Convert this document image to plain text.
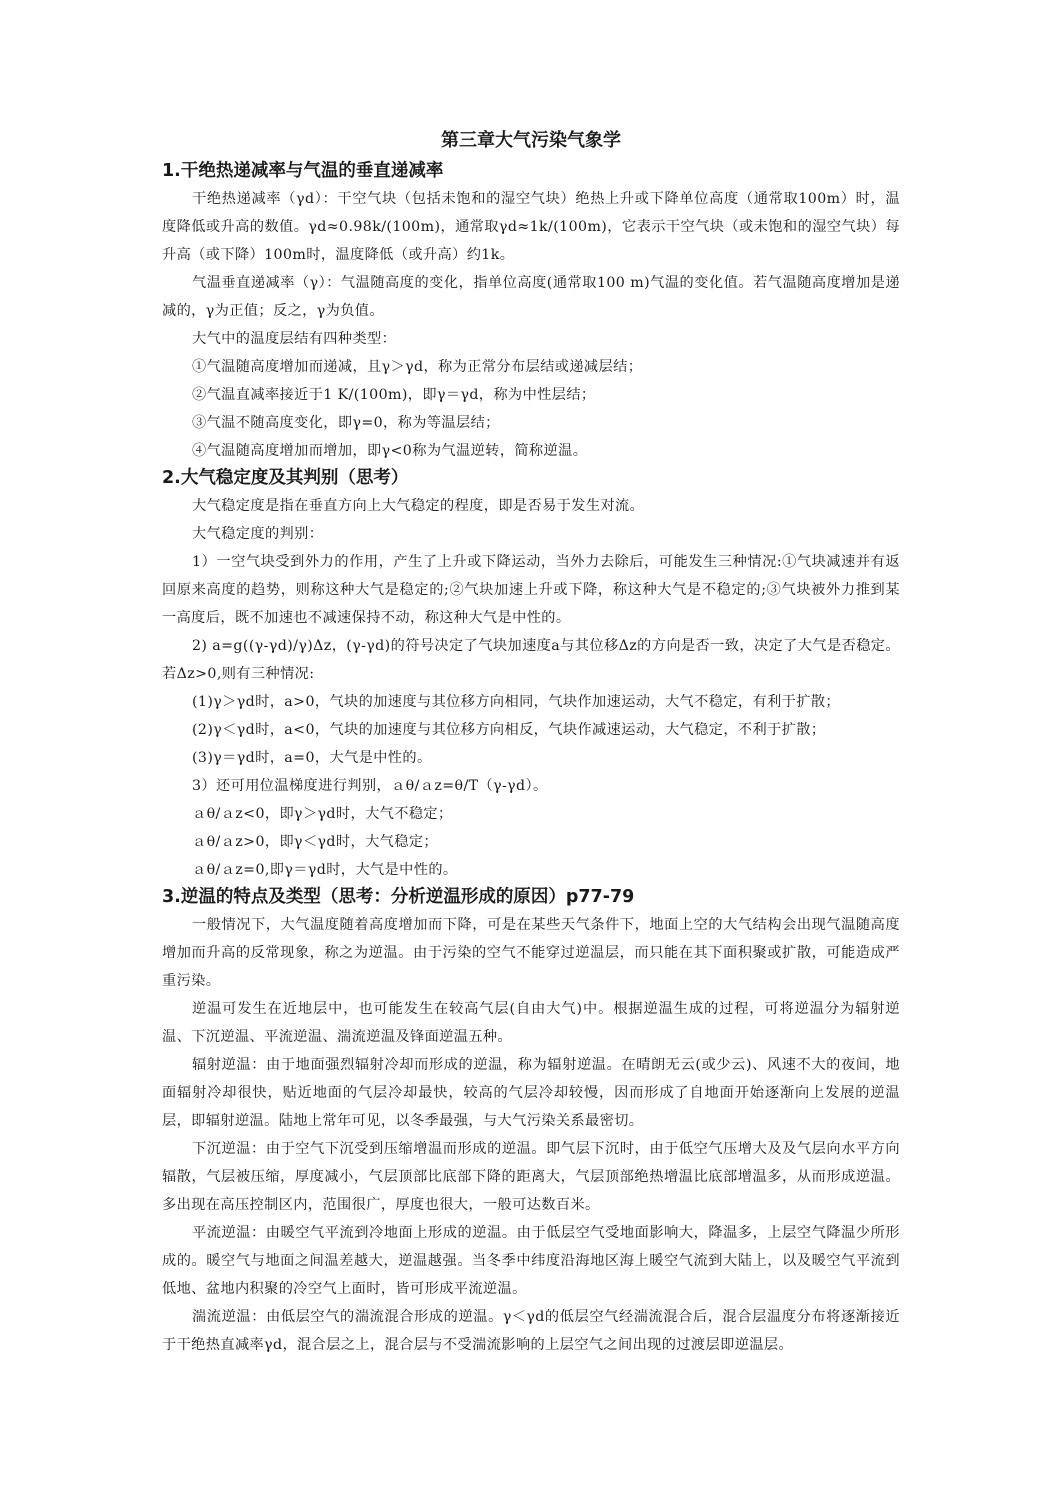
第三章大气污染气象学
1.干绝热递减率与气温的垂直递减率

干绝热递减率（γd）：干空气块（包括未饱和的湿空气块）绝热上升或下降单位高度（通常取100m）时，温度降低或升高的数值。γd≈0.98k/(100m)，通常取γd≈1k/(100m)，它表示干空气块（或未饱和的湿空气块）每升高（或下降）100m时，温度降低（或升高）约1k。

气温垂直递减率（γ）：气温随高度的变化，指单位高度(通常取100 m)气温的变化值。若气温随高度增加是递减的，γ为正值；反之，γ为负值。

大气中的温度层结有四种类型：

①气温随高度增加而递减，且γ＞γd，称为正常分布层结或递减层结；

②气温直减率接近于1 K/(100m)，即γ＝γd，称为中性层结；

③气温不随高度变化，即γ=0，称为等温层结；

④气温随高度增加而增加，即γ<0称为气温逆转，简称逆温。

2.大气稳定度及其判别（思考）

大气稳定度是指在垂直方向上大气稳定的程度，即是否易于发生对流。

大气稳定度的判别：

1）一空气块受到外力的作用，产生了上升或下降运动，当外力去除后，可能发生三种情况:①气块减速并有返回原来高度的趋势，则称这种大气是稳定的;②气块加速上升或下降，称这种大气是不稳定的;③气块被外力推到某一高度后，既不加速也不减速保持不动，称这种大气是中性的。

2) a=g((γ-γd)/γ)Δz，(γ-γd)的符号决定了气块加速度a与其位移Δz的方向是否一致，决定了大气是否稳定。若Δz>0,则有三种情况:

(1)γ＞γd时，a>0，气块的加速度与其位移方向相同，气块作加速运动，大气不稳定，有利于扩散；

(2)γ＜γd时，a<0，气块的加速度与其位移方向相反，气块作减速运动，大气稳定，不利于扩散；

(3)γ＝γd时，a=0，大气是中性的。

3）还可用位温梯度进行判别，ａθ/ａz=θ/T（γ-γd）。

ａθ/ａz<0，即γ＞γd时，大气不稳定；

ａθ/ａz>0，即γ＜γd时，大气稳定；

ａθ/ａz=0,即γ＝γd时，大气是中性的。

3.逆温的特点及类型（思考：分析逆温形成的原因）p77-79

一般情况下，大气温度随着高度增加而下降，可是在某些天气条件下，地面上空的大气结构会出现气温随高度增加而升高的反常现象，称之为逆温。由于污染的空气不能穿过逆温层，而只能在其下面积聚或扩散，可能造成严重污染。

逆温可发生在近地层中，也可能发生在较高气层(自由大气)中。根据逆温生成的过程，可将逆温分为辐射逆温、下沉逆温、平流逆温、湍流逆温及锋面逆温五种。

辐射逆温：由于地面强烈辐射冷却而形成的逆温，称为辐射逆温。在晴朗无云(或少云)、风速不大的夜间，地面辐射冷却很快，贴近地面的气层冷却最快，较高的气层冷却较慢，因而形成了自地面开始逐渐向上发展的逆温层，即辐射逆温。陆地上常年可见，以冬季最强，与大气污染关系最密切。

下沉逆温：由于空气下沉受到压缩增温而形成的逆温。即气层下沉时，由于低空气压增大及及气层向水平方向辐散，气层被压缩，厚度减小，气层顶部比底部下降的距离大，气层顶部绝热增温比底部增温多，从而形成逆温。多出现在高压控制区内，范围很广，厚度也很大，一般可达数百米。

平流逆温：由暖空气平流到冷地面上形成的逆温。由于低层空气受地面影响大，降温多，上层空气降温少所形成的。暖空气与地面之间温差越大，逆温越强。当冬季中纬度沿海地区海上暖空气流到大陆上，以及暖空气平流到低地、盆地内积聚的冷空气上面时，皆可形成平流逆温。

湍流逆温：由低层空气的湍流混合形成的逆温。γ＜γd的低层空气经湍流混合后，混合层温度分布将逐渐接近于干绝热直减率γd，混合层之上，混合层与不受湍流影响的上层空气之间出现的过渡层即逆温层。
